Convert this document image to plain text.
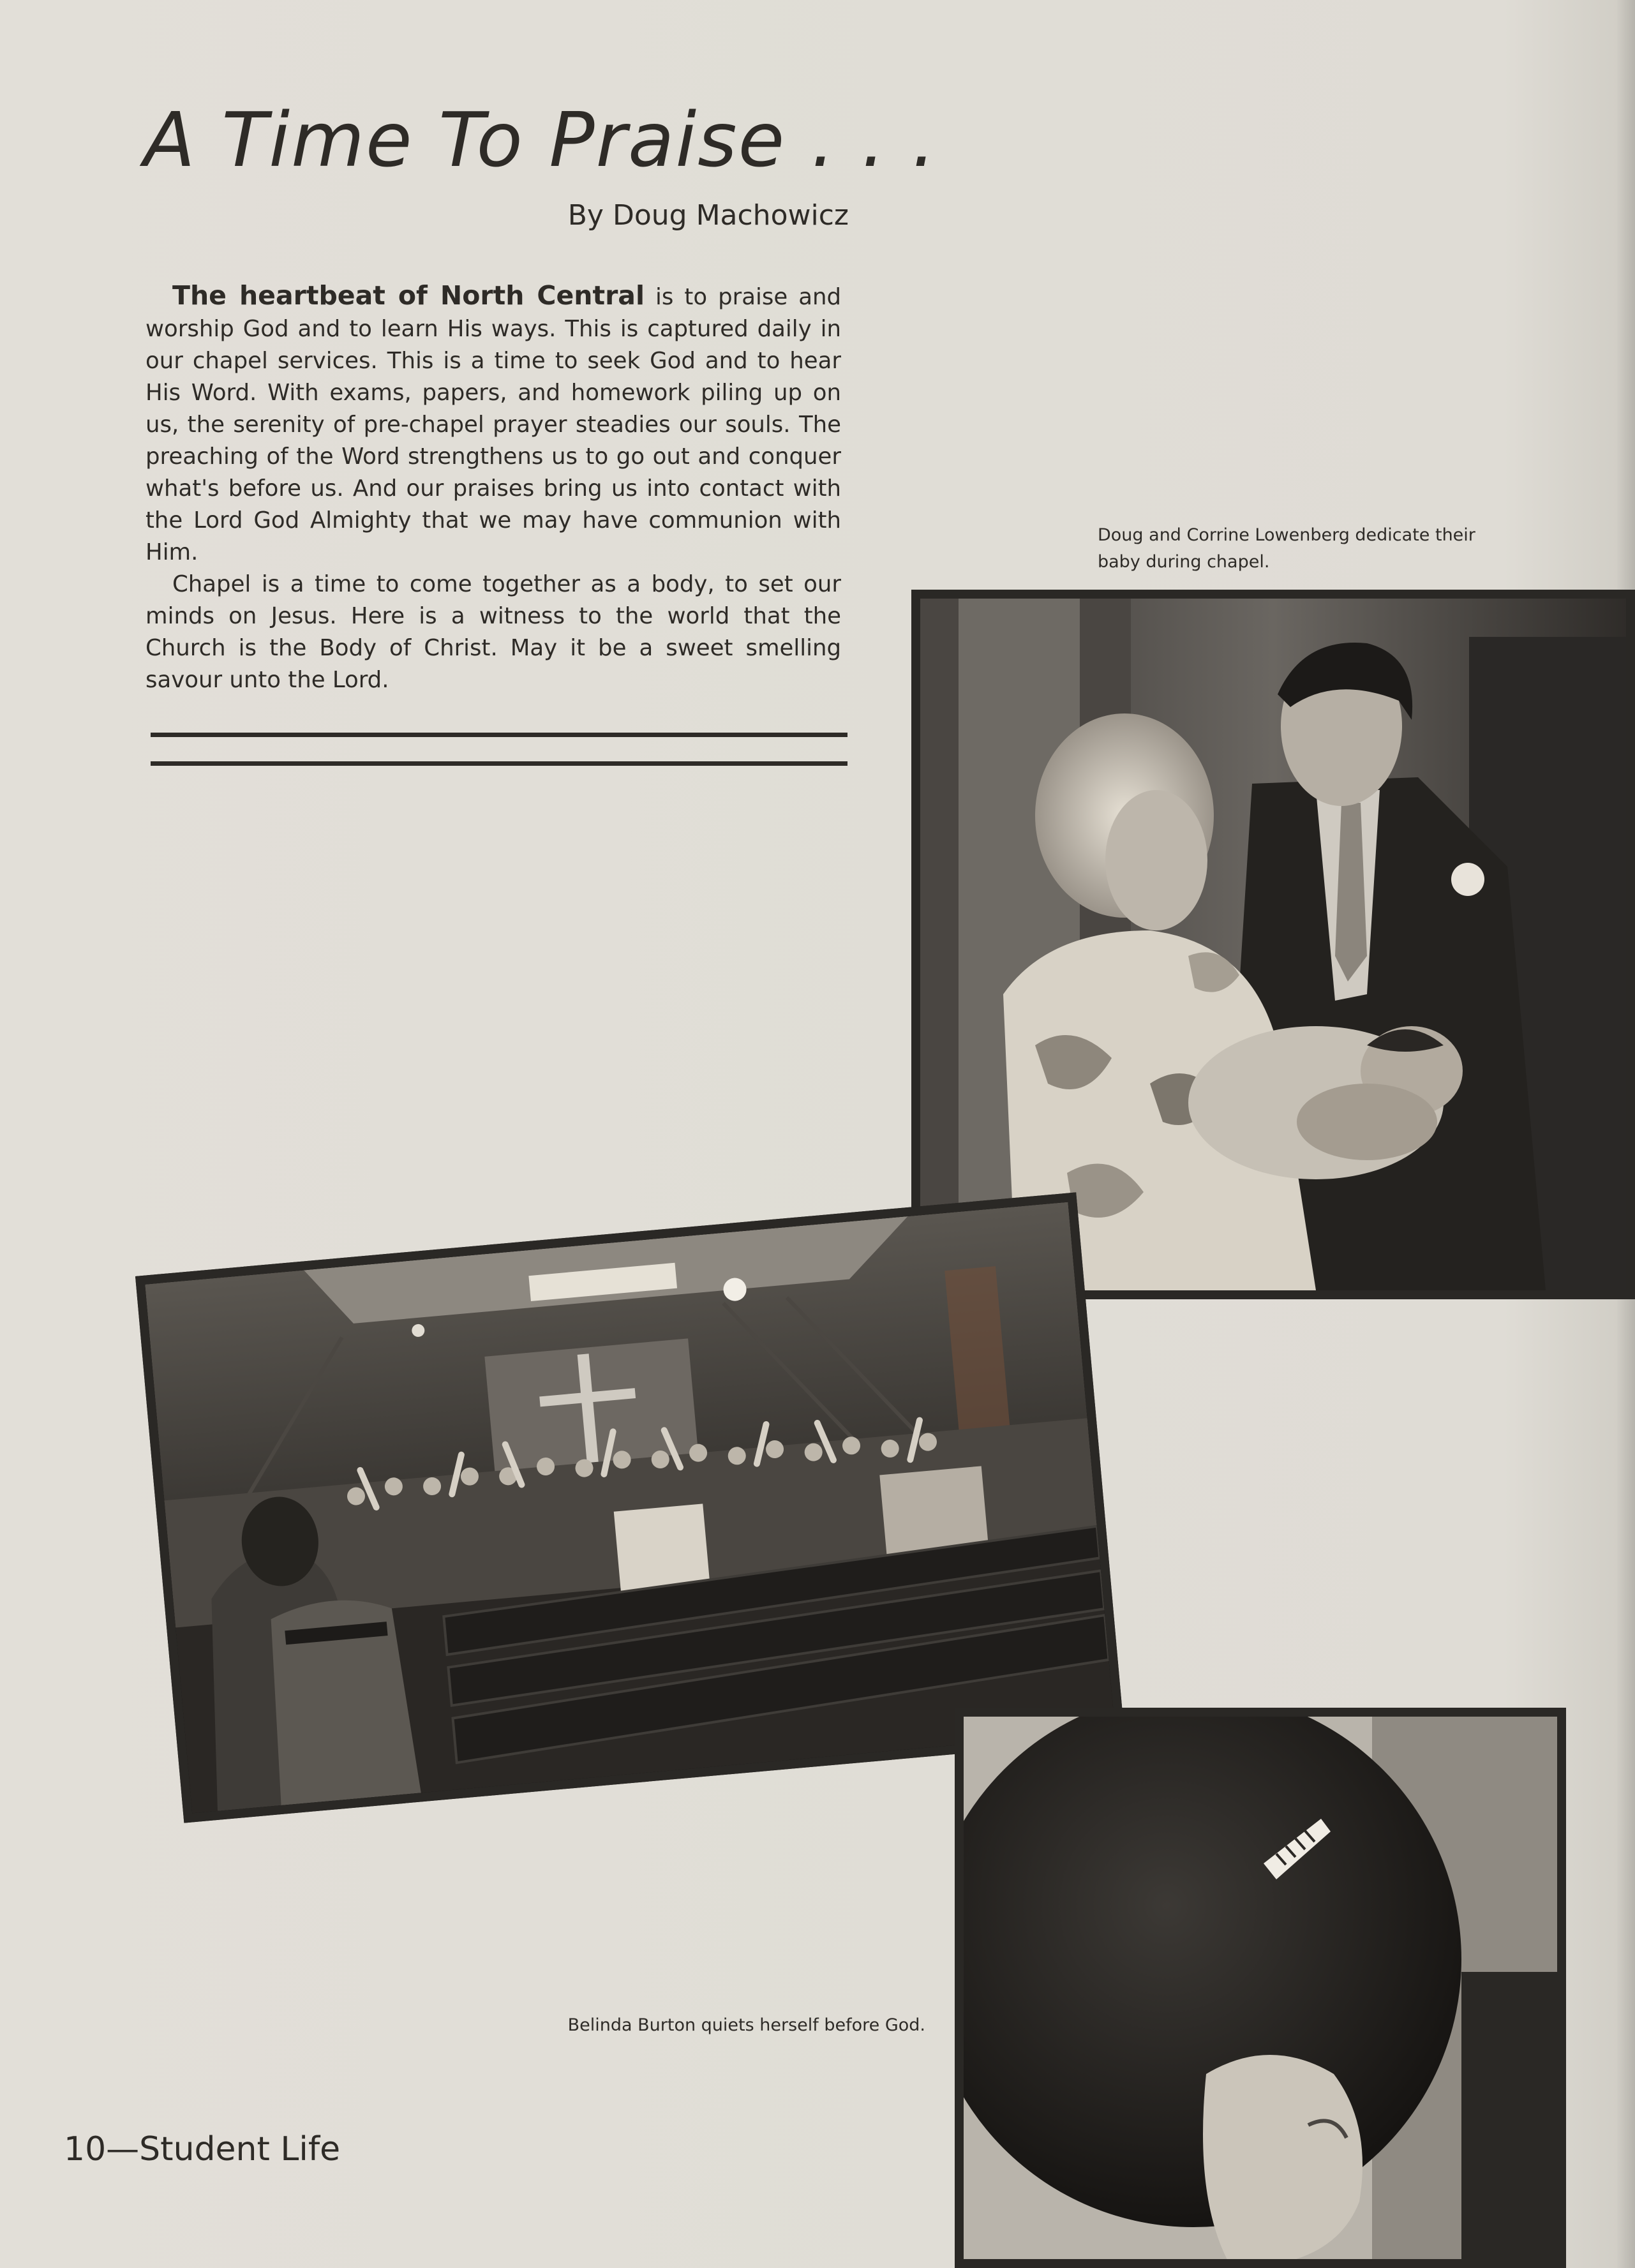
A Time To Praise . . .
By Doug Machowicz

The heartbeat of North Central is to praise and worship God and to learn His ways. This is captured daily in our chapel services. This is a time to seek God and to hear His Word. With exams, papers, and homework piling up on us, the serenity of pre-chapel prayer steadies our souls. The preaching of the Word strengthens us to go out and conquer what's before us. And our praises bring us into contact with the Lord God Almighty that we may have communion with Him.

Chapel is a time to come together as a body, to set our minds on Jesus. Here is a witness to the world that the Church is the Body of Christ. May it be a sweet smelling savour unto the Lord.

Doug and Corrine Lowenberg dedicate their baby during chapel.
Belinda Burton quiets herself before God.
10—Student Life
